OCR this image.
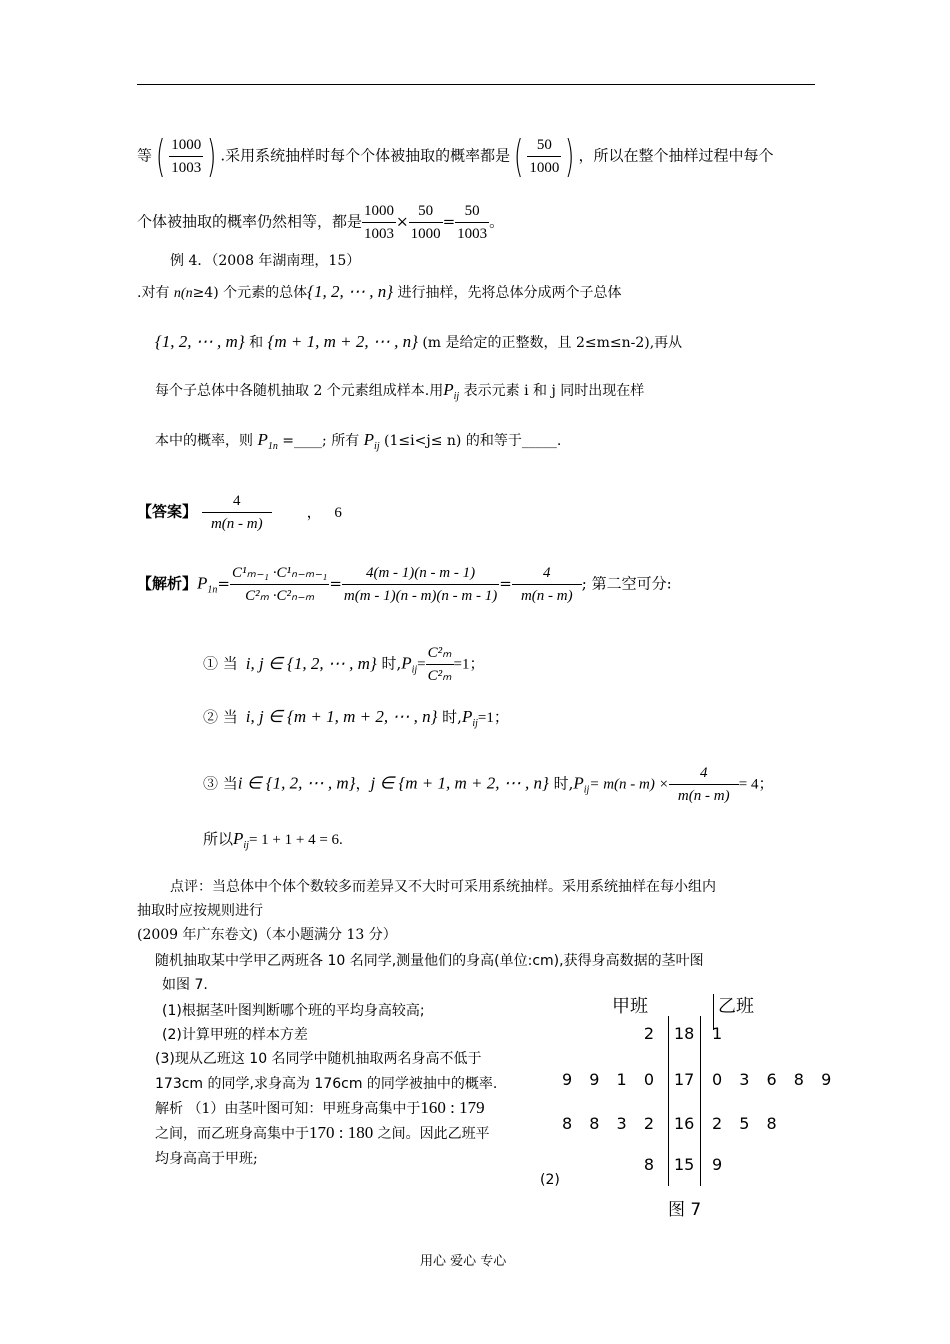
等( $\frac{1000}{1003}$ ) .采用系统抽样时每个个体被抽取的概率都是( $\frac{50}{1000}$ ) ，所以在整个抽样过程中每个
个体被抽取的概率仍然相等，都是 $\frac{1000}{1003} \times \frac{50}{1000} = \frac{50}{1003}$ 。
例 4．（2008 年湖南理，15）
.对有 n(n≥4) 个元素的总体{1, 2, ⋯ , n} 进行抽样，先将总体分成两个子总体
{1, 2, ⋯ , m} 和 {m + 1, m + 2, ⋯ , n} (m 是给定的正整数，且 2≤m≤n-2),再从
每个子总体中各随机抽取 2 个元素组成样本.用$P_{ij}$ 表示元素 i 和 j 同时出现在样
本中的概率，则 $P_{1n}$ =____; 所有 $P_{ij}$ (1≤i<j≤ n) 的和等于_____.
【答案】 $\frac{4}{m(n - m)}$ ， 6
【解析】$P_{1n}= \frac{\text{C¹ₘ₋₁ ·C¹ₙ₋ₘ₋₁}}{\text{C²ₘ ·C²ₙ₋ₘ}} = \frac{4(m - 1)(n - m - 1)}{m(m - 1)(n - m)(n - m - 1)} = \frac{4}{m(n - m)}$ ; 第二空可分:
① 当 i, j ∈ {1, 2, ⋯ , m} 时$,P_{ij}= \frac{\text{C²ₘ}}{\text{C²ₘ}} =1$；
② 当 i, j ∈ {m + 1, m + 2, ⋯ , n} 时$,P_{ij}=1$；
③ 当i ∈ {1, 2, ⋯ , m}，j ∈ {m + 1, m + 2, ⋯ , n} 时$,P_{ij}= m(n - m) \times \frac{4}{m(n - m)} = 4$；
所以$P_{ij}= 1 + 1 + 4 = 6$.
点评：当总体中个体个数较多而差异又不大时可采用系统抽样。采用系统抽样在每小组内
抽取时应按规则进行
(2009 年广东卷文)（本小题满分 13 分）
随机抽取某中学甲乙两班各 10 名同学,测量他们的身高(单位:cm),获得身高数据的茎叶图
如图 7.
(1)根据茎叶图判断哪个班的平均身高较高;
(2)计算甲班的样本方差
(3)现从乙班这 10 名同学中随机抽取两名身高不低于
173cm 的同学,求身高为 176cm 的同学被抽中的概率.
解析 （1）由茎叶图可知：甲班身高集中于160 : 179
之间，而乙班身高集中于170 : 180 之间。因此乙班平
均身高高于甲班;
(2)
甲班	乙班
2 18 1
9 9 1 0 17 0 3 6 8 9
8 8 3 2 16 2 5 8
8 15 9
图 7
用心 爱心 专心
